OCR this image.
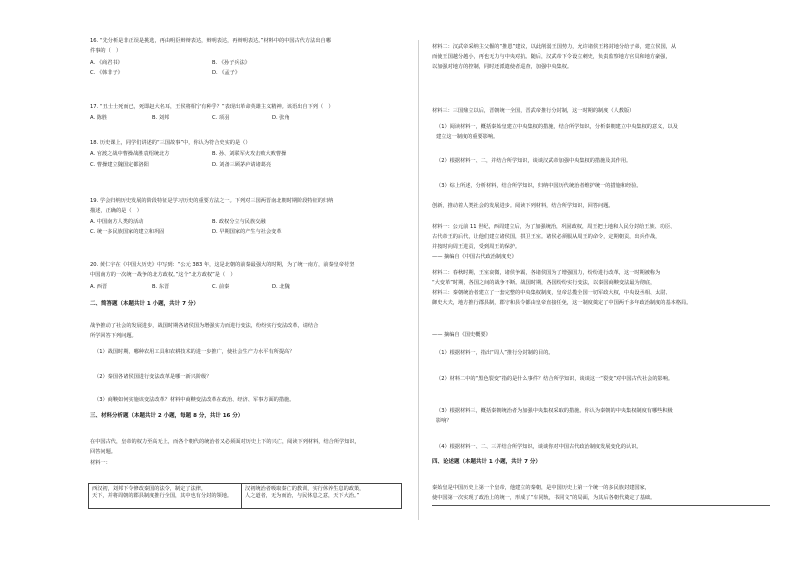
16. “先分析是非正误是挑选，再由明臣辩辩表达，辩明表达，再辩明表达。”材料中的中国古代方法出自哪
件事的（　）
A. 《商君书》	B. 《孙子兵法》
C. 《韩非子》	D. 《孟子》
17. “丑士士死而已，死即赵大名耳，王侯将相宁有种乎？”表现出革命英雄主义精神。该语出自下列（　）
A. 陈胜	B. 刘邦	C. 项羽	D. 张角
18. 历史课上，同学们讲述的“三国故事”中，你认为符合史实的是（）
A. 官渡之战中曹操战胜袁绍统北方	B. 孙、刘联军火攻击败大败曹操
C. 曹操建立魏国定都洛阳	D. 刘备三顾茅庐请诸葛亮
19. 学会归纳历史发展的阶段特征是学习历史的重要方法之一。下列对三国两晋南北朝时期阶段特征的归纳
描述，正确的是（　）
A. 中国南方人类的活动	B. 政权分立与民族交融
C. 统一多民族国家的建立和巩固	D. 早期国家的产生与社会变革
20. 黄仁宇在《中国大历史》中写到：“公元 383 年，这是北朝的前秦最强大的时期，为了统一南方，前秦皇帝苻坚
中国南方的一次统一战争的北方政权。”这个“北方政权”是（　）
A. 西晋	B. 东晋	C. 前秦	D. 北魏
二、简答题（本题共计 1 小题，共计 7 分）
战争推动了社会的发展进步，战国时期各诸侯国为增强实力而进行变法，纷纷实行变法改革，请结合
所学回答下列问题。
（1）战国时期，哪种农用工具和农耕技术的进一步推广，使社会生产力水平有所提高？
（2）秦国各诸侯国进行变法改革是哪一新兴阶级？
（3）商鞅如何实施该变法改革？材料中商鞅变法改革在政治、经济、军事方面的措施。
三、材料分析题（本题共计 2 小题，每题 8 分，共计 16 分）
在中国古代，皇帝的权力至高无上，而各个朝代的统治者又必须面对历史上下的兴亡，阅读下列材料，结合所学知识，
回答问题。
材料一：
西汉初，刘邦下令修改秦国的法令，制定了法律，
天下，并将周朝的郡县制度推行全国，其中也有分封的领地。
汉初统治者吸取秦亡的教训，实行休养生息的政策，
人之道者，无为而治，与民休息之意，天下大治。”
材料二：汉武帝采纳主父偃的“推恩”建议，以此削弱王国势力，允许诸侯王将封地分给子弟，建立侯国，从
而使王国越分越小，再也无力与中央对抗。随后，汉武帝下令设立刺史，负责监察地方官员和地方豪强，
以加强对地方的控制，同时还派遣使者巡查，加强中央集权。
材料三：三国鼎立以后，晋朝统一全国，晋武帝推行分封制，这一时期的制度（人教版）
（1）阅读材料一，概括秦始皇建立中央集权的措施，结合所学知识，分析秦朝建立中央集权的意义，以及
建立这一制度的重要影响。
（2）根据材料一、二，并结合所学知识，谈谈汉武帝加强中央集权的措施及其作用。
（3）综上所述，分析材料，结合所学知识，归纳中国历代统治者维护统一的措施和经验。
创新，推动着人类社会的发展进步。阅读下列材料，结合所学知识，回答问题。
材料一：公元前 11 世纪，西周建立后，为了加强统治，巩固政权，周王把土地和人民分封给王族、功臣、
古代帝王的后代，让他们建立诸侯国，拱卫王室。诸侯必须服从周王的命令，定期朝贡，出兵作战，
并按时向周王进贡，受到周王的保护。
—— 摘编自《中国古代政治制度史》
材料二：春秋时期，王室衰微，诸侯争霸，各诸侯国为了增强国力，纷纷进行改革，这一时期被称为
“大变革”时期，各国之间的战争不断。战国时期，各国纷纷实行变法，以秦国商鞅变法最为彻底，
材料三：秦朝统治者建立了一套完整的中央集权制度，皇帝总揽全国一切军政大权，中央设丞相、太尉、
御史大夫，地方推行郡县制，郡守和县令都由皇帝直接任免，这一制度奠定了中国两千多年政治制度的基本格局。
—— 摘编自《国史概要》
（1）根据材料一，指出“周人”推行分封制的目的。
（2）材料二中的“黑色裂变”指的是什么事件？结合所学知识，谈谈这一“裂变”对中国古代社会的影响。
（3）根据材料三，概括秦朝统治者为加强中央集权采取的措施。你认为秦朝的中央集权制度有哪些积极
影响？
（4）根据材料一、二、三并结合所学知识，谈谈你对中国古代政治制度发展变化的认识。
四、论述题（本题共计 1 小题，共计 7 分）
秦始皇是中国历史上第一个皇帝，他建立的秦朝，是中国历史上第一个统一的多民族封建国家，
使中国第一次实现了政治上的统一，形成了“车同轨，书同文”的局面，为其后各朝代奠定了基础。
